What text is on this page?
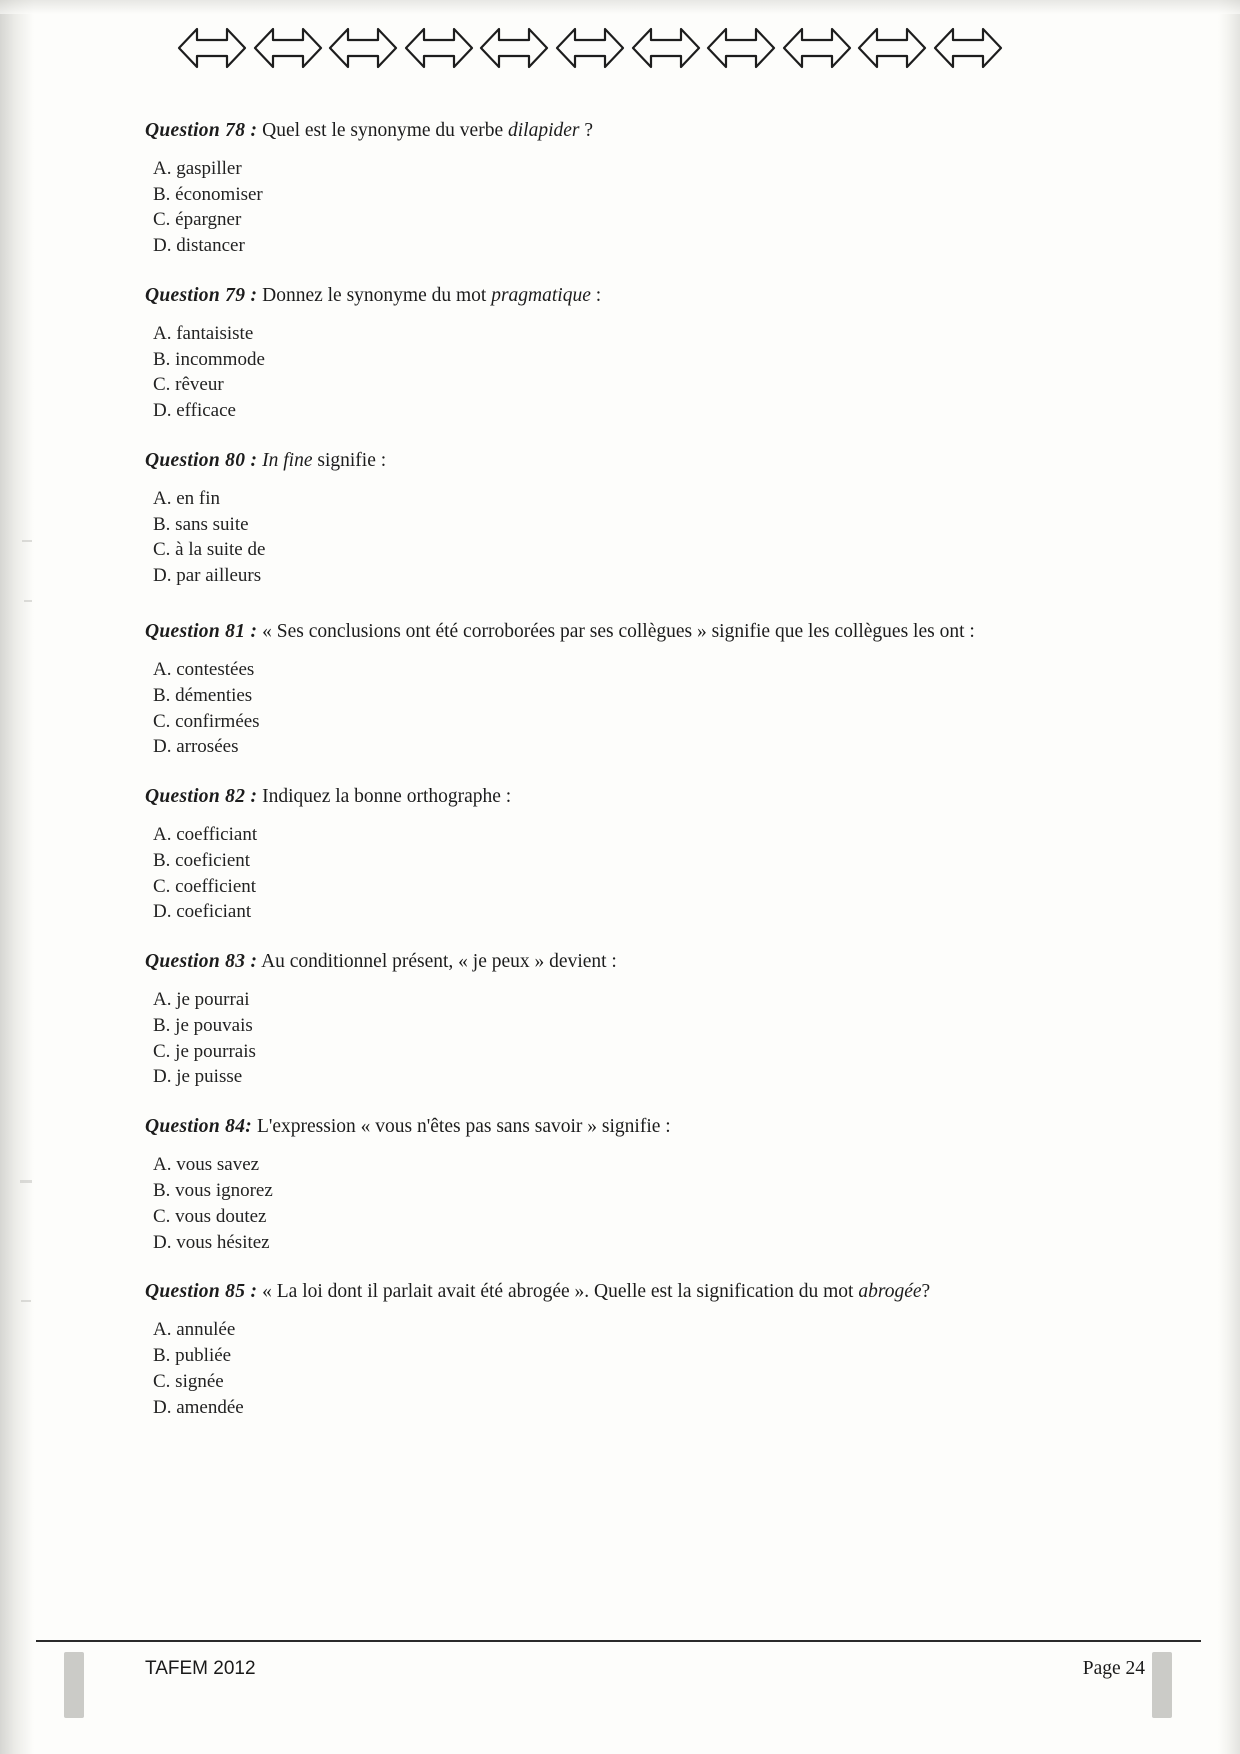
Question 78 : Quel est le synonyme du verbe dilapider ?

A. gaspiller
B. économiser
C. épargner
D. distancer

Question 79 : Donnez le synonyme du mot pragmatique :

A. fantaisiste
B. incommode
C. rêveur
D. efficace

Question 80 : In fine signifie :

A. en fin
B. sans suite
C. à la suite de
D. par ailleurs

Question 81 : « Ses conclusions ont été corroborées par ses collègues » signifie que les collègues les ont :

A. contestées
B. démenties
C. confirmées
D. arrosées

Question 82 : Indiquez la bonne orthographe :

A. coefficiant
B. coeficient
C. coefficient
D. coeficiant

Question 83 : Au conditionnel présent, « je peux » devient :

A. je pourrai
B. je pouvais
C. je pourrais
D. je puisse

Question 84: L'expression « vous n'êtes pas sans savoir » signifie :

A. vous savez
B. vous ignorez
C. vous doutez
D. vous hésitez

Question 85 : « La loi dont il parlait avait été abrogée ». Quelle est la signification du mot abrogée?

A. annulée
B. publiée
C. signée
D. amendée
TAFEM 2012	Page 24
